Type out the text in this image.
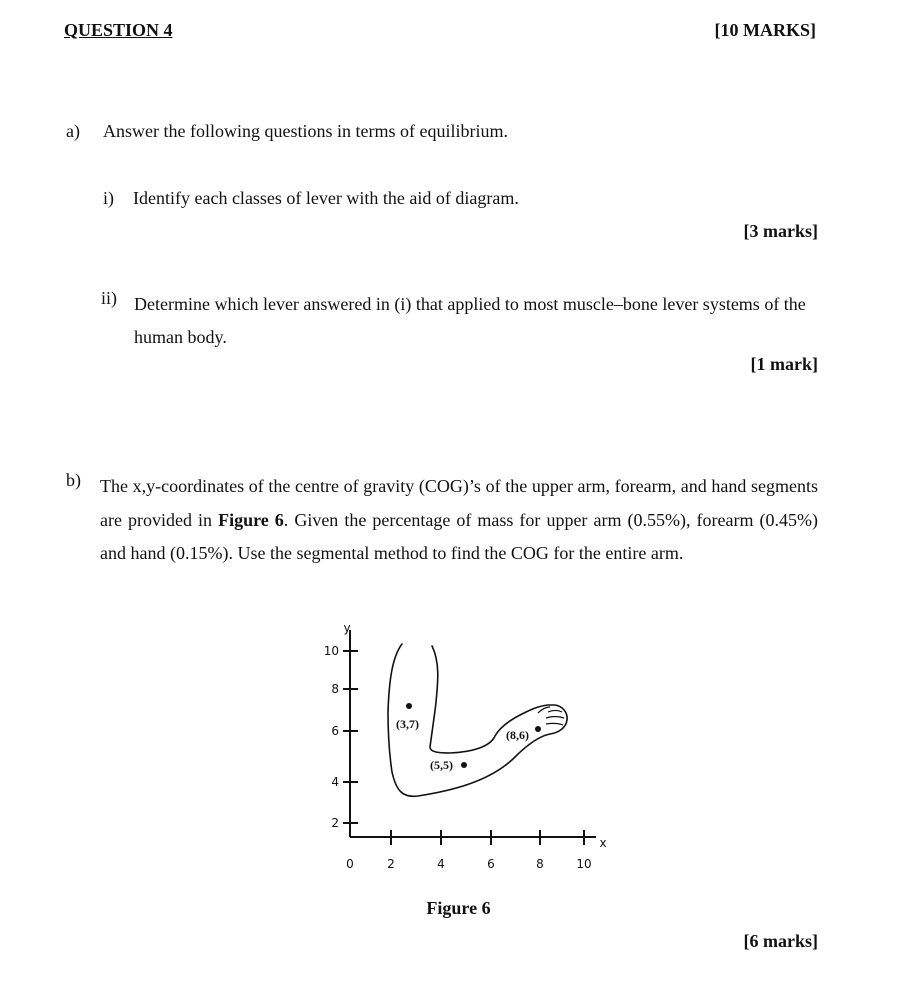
QUESTION 4	[10 MARKS]
a) Answer the following questions in terms of equilibrium.
i) Identify each classes of lever with the aid of diagram.
[3 marks]
ii) Determine which lever answered in (i) that applied to most muscle–bone lever systems of the human body.
[1 mark]
b) The x,y-coordinates of the centre of gravity (COG)’s of the upper arm, forearm, and hand segments are provided in Figure 6. Given the percentage of mass for upper arm (0.55%), forearm (0.45%) and hand (0.15%). Use the segmental method to find the COG for the entire arm.
y
x
10
8
6
4
2
0	2	4	6	8	10
(3,7)
(5,5)
(8,6)
Figure 6
[6 marks]
